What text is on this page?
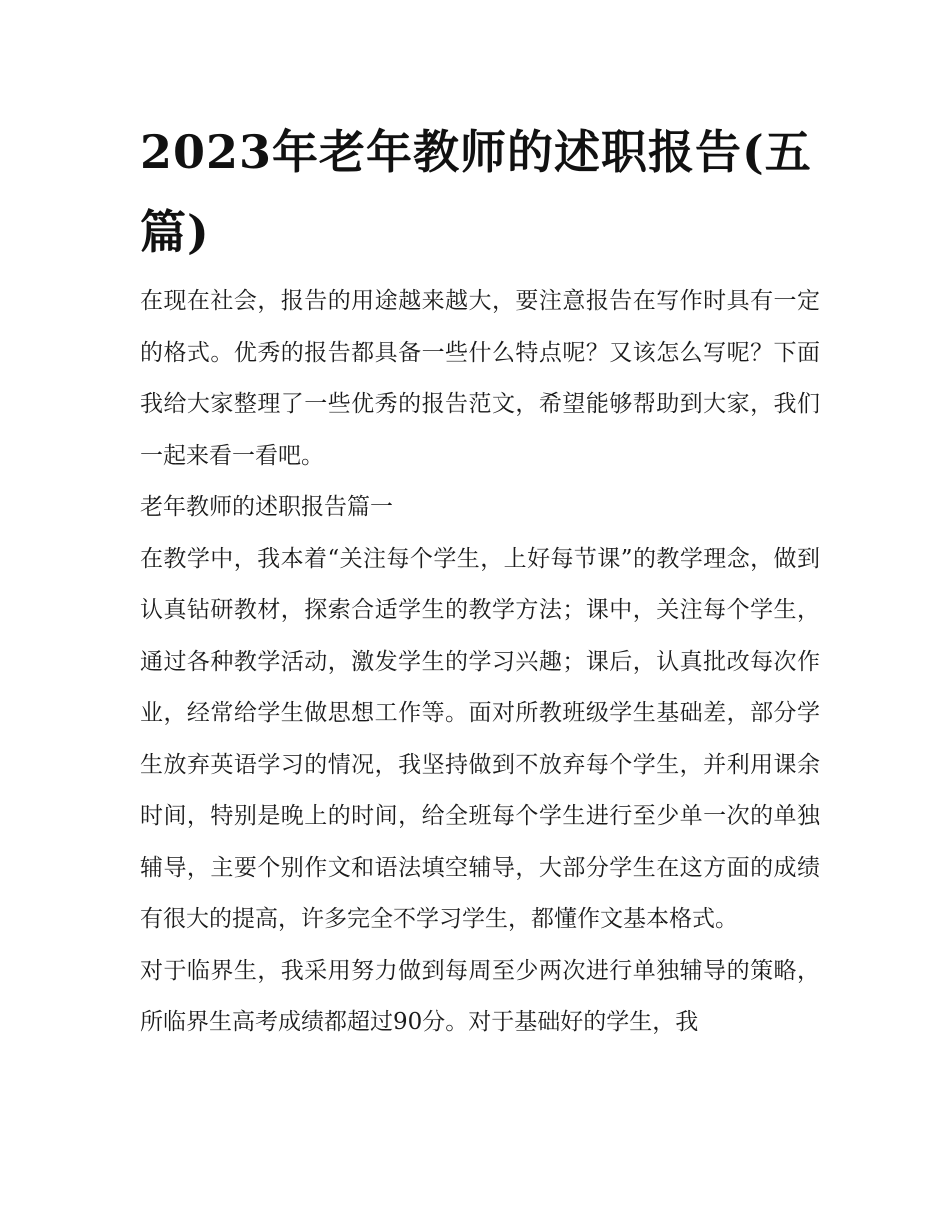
2023年老年教师的述职报告(五篇)

在现在社会，报告的用途越来越大，要注意报告在写作时具有一定的格式。优秀的报告都具备一些什么特点呢？又该怎么写呢？下面我给大家整理了一些优秀的报告范文，希望能够帮助到大家，我们一起来看一看吧。

老年教师的述职报告篇一

在教学中，我本着“关注每个学生，上好每节课”的教学理念，做到认真钻研教材，探索合适学生的教学方法；课中，关注每个学生，通过各种教学活动，激发学生的学习兴趣；课后，认真批改每次作业，经常给学生做思想工作等。面对所教班级学生基础差，部分学生放弃英语学习的情况，我坚持做到不放弃每个学生，并利用课余时间，特别是晚上的时间，给全班每个学生进行至少单一次的单独辅导，主要个别作文和语法填空辅导，大部分学生在这方面的成绩有很大的提高，许多完全不学习学生，都懂作文基本格式。

对于临界生，我采用努力做到每周至少两次进行单独辅导的策略，所临界生高考成绩都超过90分。对于基础好的学生，我
